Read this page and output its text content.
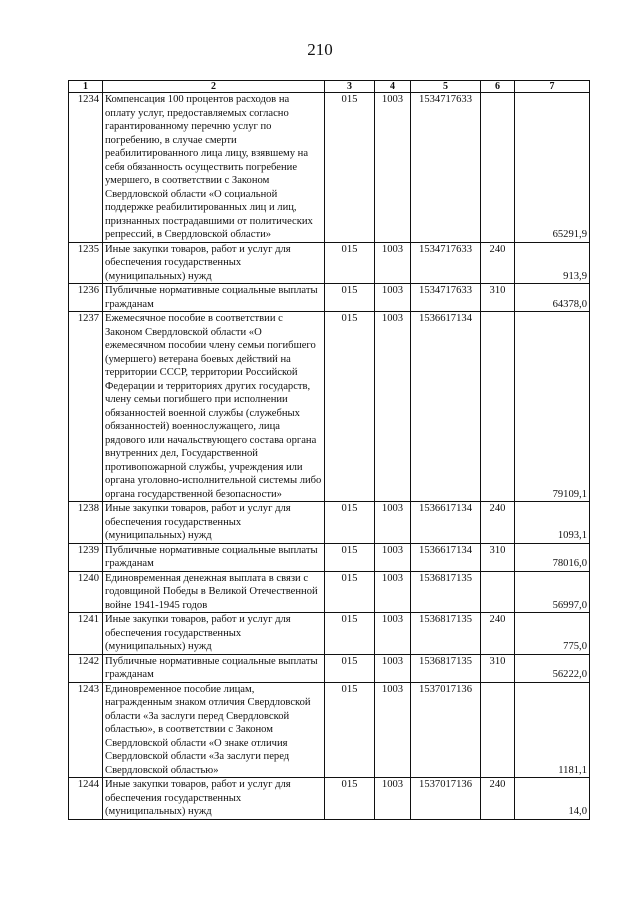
210
1	2	3	4	5	6	7
1234	Компенсация 100 процентов расходов на оплату услуг, предоставляемых согласно гарантированному перечню услуг по погребению, в случае смерти реабилитированного лица лицу, взявшему на себя обязанность осуществить погребение умершего, в соответствии с Законом Свердловской области «О социальной поддержке реабилитированных лиц и лиц, признанных пострадавшими от политических репрессий, в Свердловской области»	015	1003	1534717633		65291,9
1235	Иные закупки товаров, работ и услуг для обеспечения государственных (муниципальных) нужд	015	1003	1534717633	240	913,9
1236	Публичные нормативные социальные выплаты гражданам	015	1003	1534717633	310	64378,0
1237	Ежемесячное пособие в соответствии с Законом Свердловской области «О ежемесячном пособии члену семьи погибшего (умершего) ветерана боевых действий на территории СССР, территории Российской Федерации и территориях других государств, члену семьи погибшего при исполнении обязанностей военной службы (служебных обязанностей) военнослужащего, лица рядового или начальствующего состава органа внутренних дел, Государственной противопожарной службы, учреждения или органа уголовно-исполнительной системы либо органа государственной безопасности»	015	1003	1536617134		79109,1
1238	Иные закупки товаров, работ и услуг для обеспечения государственных (муниципальных) нужд	015	1003	1536617134	240	1093,1
1239	Публичные нормативные социальные выплаты гражданам	015	1003	1536617134	310	78016,0
1240	Единовременная денежная выплата в связи с годовщиной Победы в Великой Отечественной войне 1941-1945 годов	015	1003	1536817135		56997,0
1241	Иные закупки товаров, работ и услуг для обеспечения государственных (муниципальных) нужд	015	1003	1536817135	240	775,0
1242	Публичные нормативные социальные выплаты гражданам	015	1003	1536817135	310	56222,0
1243	Единовременное пособие лицам, награжденным знаком отличия Свердловской области «За заслуги перед Свердловской областью», в соответствии с Законом Свердловской области «О знаке отличия Свердловской области «За заслуги перед Свердловской областью»	015	1003	1537017136		1181,1
1244	Иные закупки товаров, работ и услуг для обеспечения государственных (муниципальных) нужд	015	1003	1537017136	240	14,0
